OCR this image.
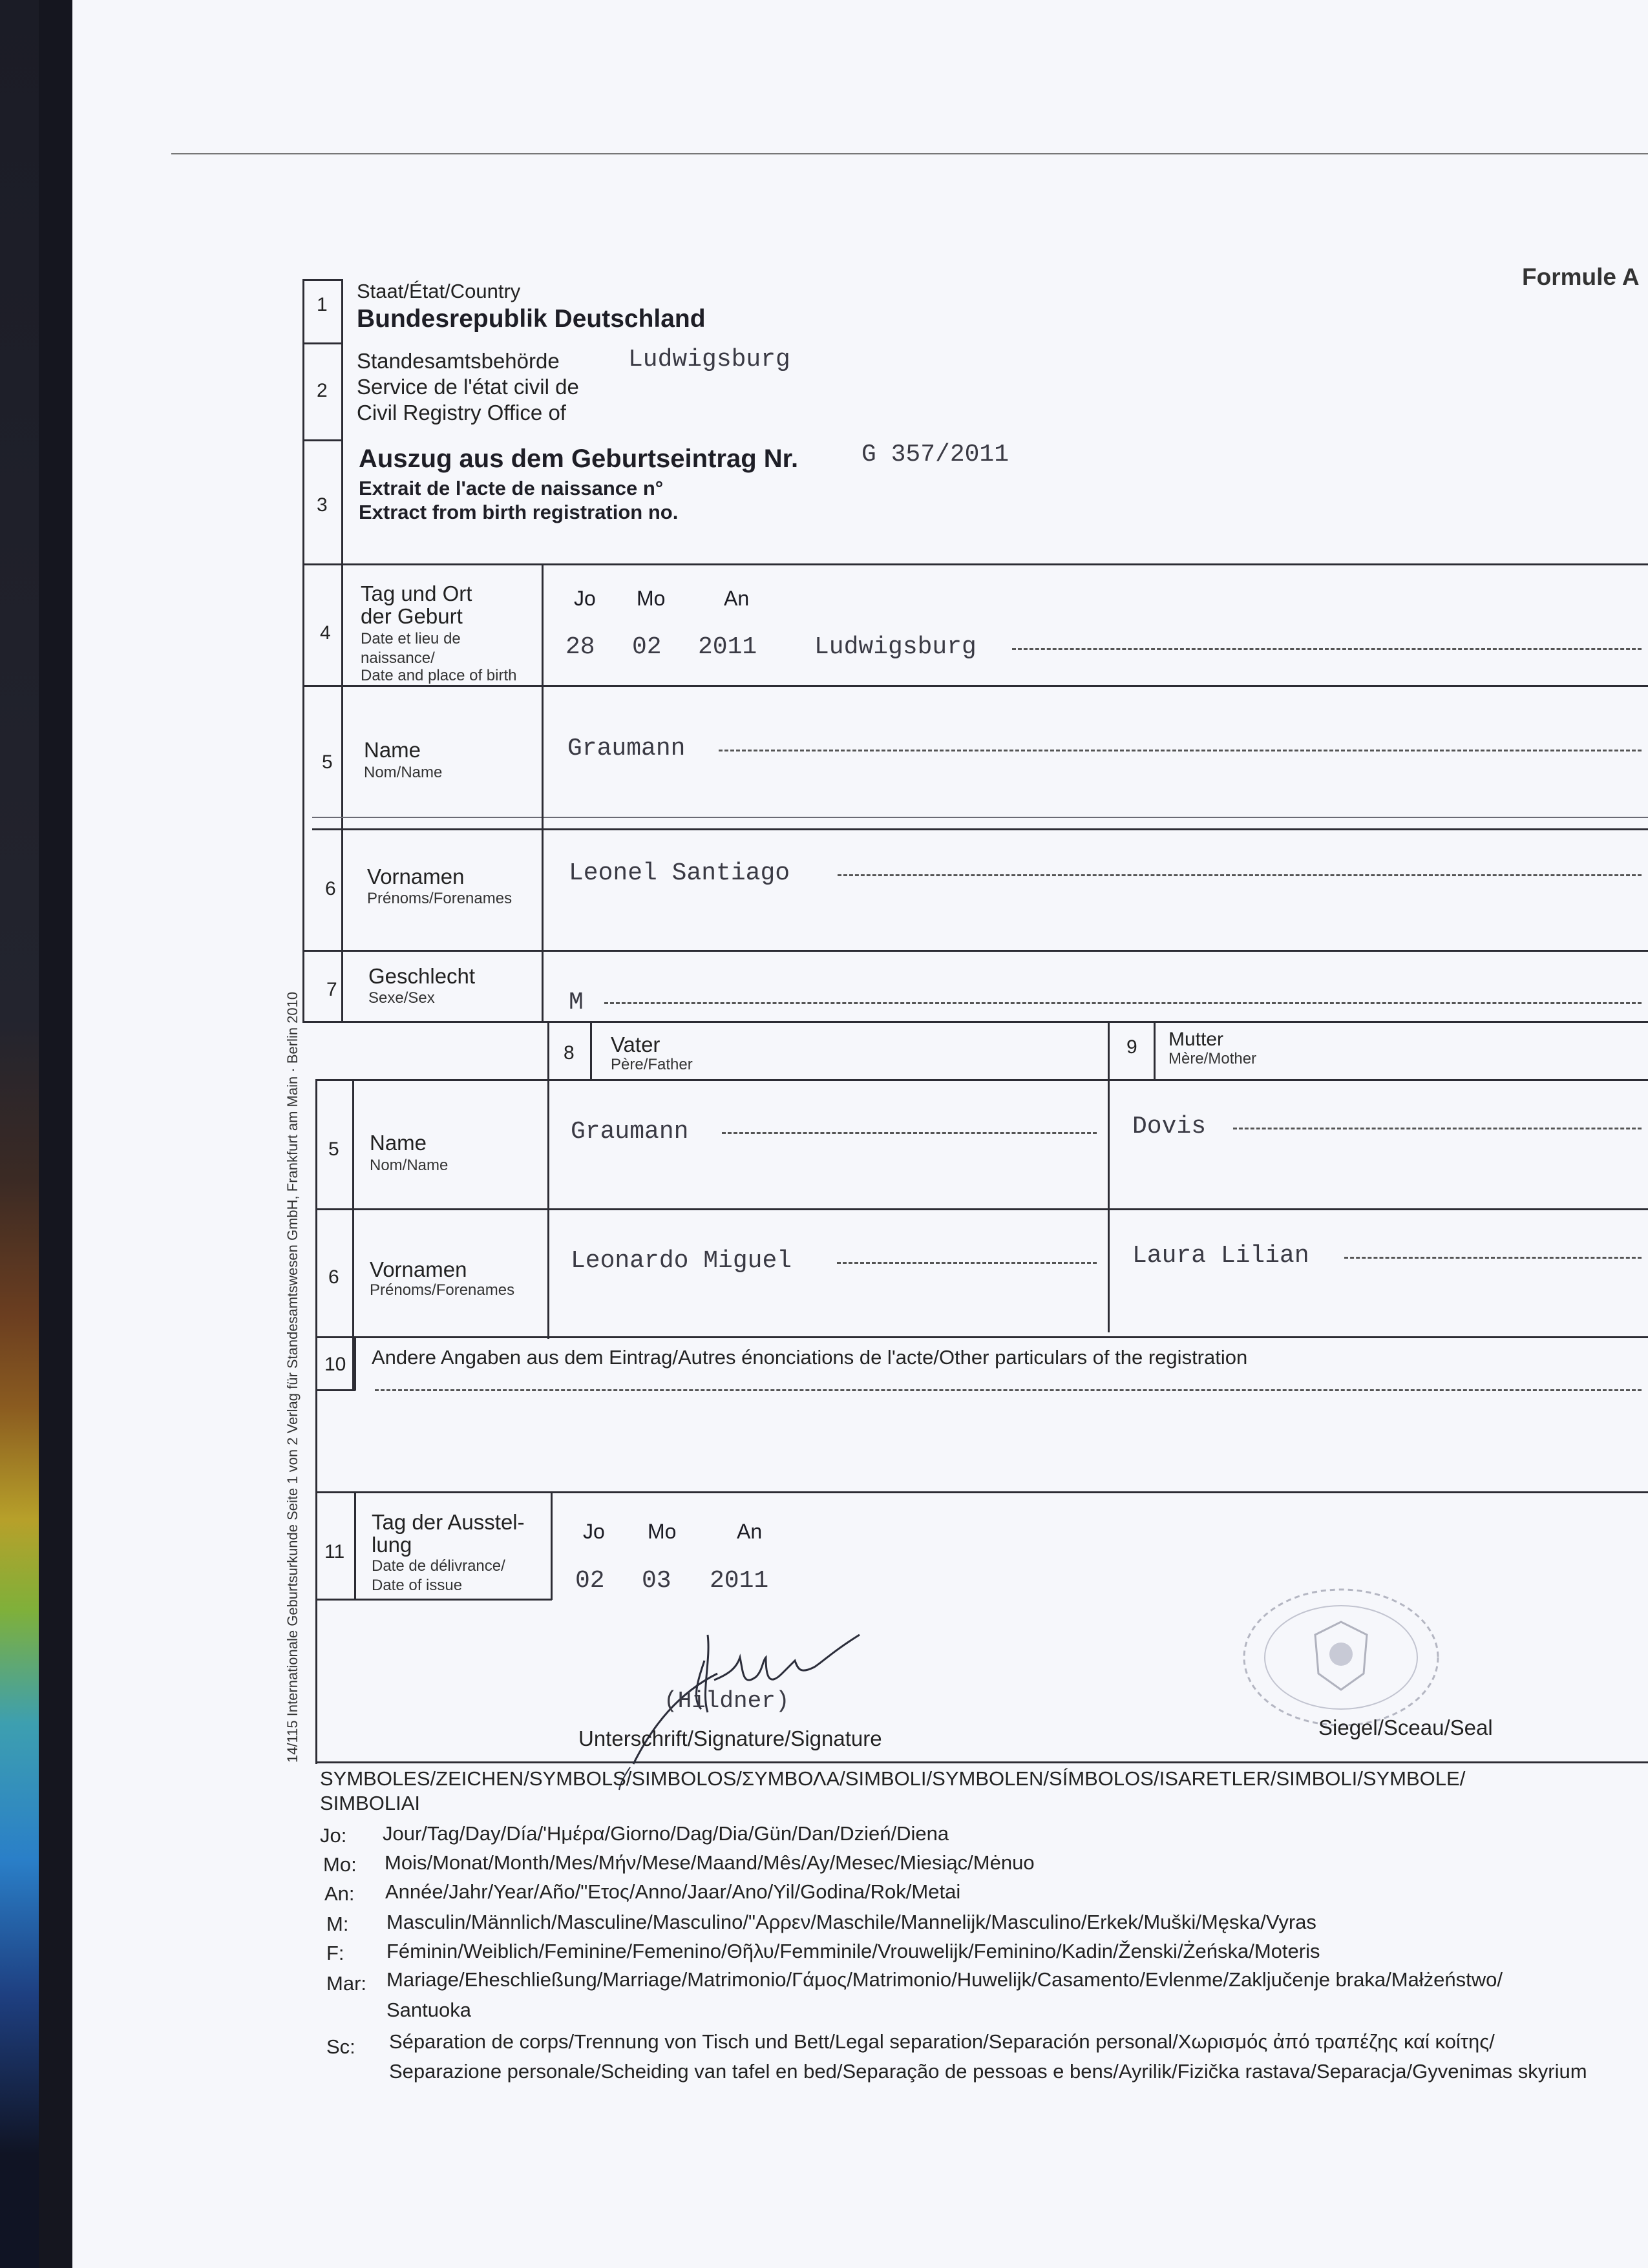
Formule A
1
Staat/État/Country
Bundesrepublik Deutschland
2
Standesamtsbehörde
Service de l'état civil de
Civil Registry Office of
Ludwigsburg
3
Auszug aus dem Geburtseintrag Nr.
Extrait de l'acte de naissance n°
Extract from birth registration no.
G 357/2011
4
Tag und Ort
der Geburt
Date et lieu de
naissance/
Date and place of birth
Jo Mo	An
28 02 2011 Ludwigsburg
5
Name
Nom/Name
Graumann
6
Vornamen
Prénoms/Forenames
Leonel Santiago
7
Geschlecht
Sexe/Sex	M
8 Vater
Père/Father
9 Mutter
Mère/Mother
5 Name
Nom/Name
Graumann	Dovis
6 Vornamen
Prénoms/Forenames
Leonardo Miguel	Laura Lilian
10 Andere Angaben aus dem Eintrag/Autres énonciations de l'acte/Other particulars of the registration
11
Tag der Ausstel-
lung
Date de délivrance/
Date of issue
Jo Mo	An
02 03 2011
(Hildner)
Unterschrift/Signature/Signature	Siegel/Sceau/Seal
14/115 Internationale Geburtsurkunde Seite 1 von 2 Verlag für Standesamtswesen GmbH, Frankfurt am Main · Berlin 2010
SYMBOLES/ZEICHEN/SYMBOLS/SIMBOLOS/ΣΥΜΒΟΛΑ/SIMBOLI/SYMBOLEN/SÍMBOLOS/ISARETLER/SIMBOLI/SYMBOLE/
SIMBOLIAI
Jo: Jour/Tag/Day/Día/'Ημέρα/Giorno/Dag/Dia/Gün/Dan/Dzień/Diena
Mo: Mois/Monat/Month/Mes/Μήν/Mese/Maand/Mês/Ay/Mesec/Miesiąc/Mėnuo
An: Année/Jahr/Year/Año/"Ετος/Anno/Jaar/Ano/Yil/Godina/Rok/Metai
M: Masculin/Männlich/Masculine/Masculino/"Αρρεν/Maschile/Mannelijk/Masculino/Erkek/Muški/Męska/Vyras
F: Féminin/Weiblich/Feminine/Femenino/Θῆλυ/Femminile/Vrouwelijk/Feminino/Kadin/Ženski/Żeńska/Moteris
Mar: Mariage/Eheschließung/Marriage/Matrimonio/Γάμος/Matrimonio/Huwelijk/Casamento/Evlenme/Zaključenje braka/Małżeństwo/
Santuoka
Sc: Séparation de corps/Trennung von Tisch und Bett/Legal separation/Separación personal/Χωρισμός ἀπό τραπέζης καί κοίτης/
Separazione personale/Scheiding van tafel en bed/Separação de pessoas e bens/Ayrilik/Fizička rastava/Separacja/Gyvenimas skyrium
